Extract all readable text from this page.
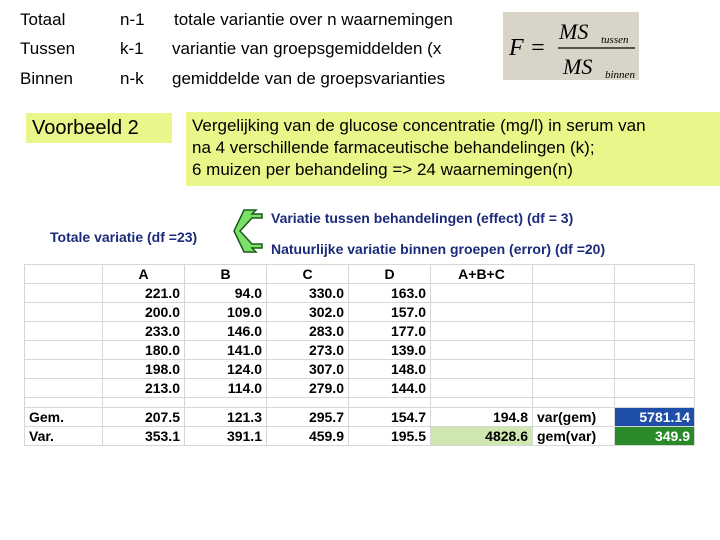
Totaal	n-1 totale variantie over n waarnemingen
Tussen	k-1 variantie van groepsgemiddelden (x
Binnen	n-k gemiddelde van de groepsvarianties
F =
MS tussen
MS binnen
Voorbeeld 2	Vergelijking van de glucose concentratie (mg/l) in serum van
na 4 verschillende farmaceutische behandelingen (k);
6 muizen per behandeling => 24 waarnemingen(n)
Totale variatie (df =23)
Variatie tussen behandelingen (effect) (df = 3)
Natuurlijke variatie binnen groepen (error) (df =20)
	A	B	C	D	A+B+C		
	221.0	94.0	330.0	163.0			
	200.0	109.0	302.0	157.0			
	233.0	146.0	283.0	177.0			
	180.0	141.0	273.0	139.0			
	198.0	124.0	307.0	148.0			
	213.0	114.0	279.0	144.0			

Gem.	207.5	121.3	295.7	154.7	194.8	var(gem)	5781.14
Var.	353.1	391.1	459.9	195.5	4828.6	gem(var)	349.9
